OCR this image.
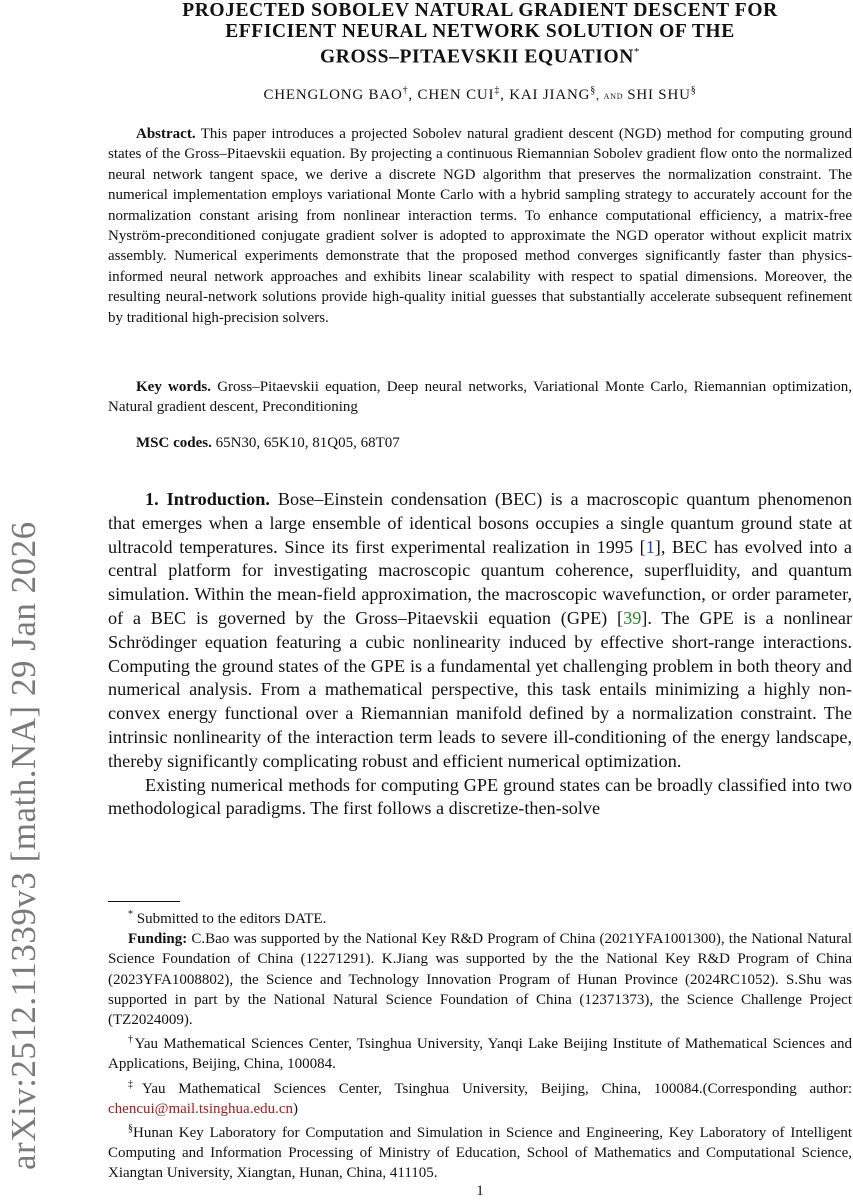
arXiv:2512.11339v3 [math.NA] 29 Jan 2026
PROJECTED SOBOLEV NATURAL GRADIENT DESCENT FOR
EFFICIENT NEURAL NETWORK SOLUTION OF THE
GROSS–PITAEVSKII EQUATION*
CHENGLONG BAO†, CHEN CUI‡, KAI JIANG§, and SHI SHU§
Abstract. This paper introduces a projected Sobolev natural gradient descent (NGD) method for computing ground states of the Gross–Pitaevskii equation. By projecting a continuous Riemannian Sobolev gradient flow onto the normalized neural network tangent space, we derive a discrete NGD algorithm that preserves the normalization constraint. The numerical implementation employs variational Monte Carlo with a hybrid sampling strategy to accurately account for the normalization constant arising from nonlinear interaction terms. To enhance computational efficiency, a matrix-free Nyström-preconditioned conjugate gradient solver is adopted to approximate the NGD operator without explicit matrix assembly. Numerical experiments demonstrate that the proposed method converges significantly faster than physics-informed neural network approaches and exhibits linear scalability with respect to spatial dimensions. Moreover, the resulting neural-network solutions provide high-quality initial guesses that substantially accelerate subsequent refinement by traditional high-precision solvers.
Key words. Gross–Pitaevskii equation, Deep neural networks, Variational Monte Carlo, Riemannian optimization, Natural gradient descent, Preconditioning
MSC codes. 65N30, 65K10, 81Q05, 68T07

1. Introduction. Bose–Einstein condensation (BEC) is a macroscopic quantum phenomenon that emerges when a large ensemble of identical bosons occupies a single quantum ground state at ultracold temperatures. Since its first experimental realization in 1995 [1], BEC has evolved into a central platform for investigating macroscopic quantum coherence, superfluidity, and quantum simulation. Within the mean-field approximation, the macroscopic wavefunction, or order parameter, of a BEC is governed by the Gross–Pitaevskii equation (GPE) [39]. The GPE is a nonlinear Schrödinger equation featuring a cubic nonlinearity induced by effective short-range interactions. Computing the ground states of the GPE is a fundamental yet challenging problem in both theory and numerical analysis. From a mathematical perspective, this task entails minimizing a highly non-convex energy functional over a Riemannian manifold defined by a normalization constraint. The intrinsic nonlinearity of the interaction term leads to severe ill-conditioning of the energy landscape, thereby significantly complicating robust and efficient numerical optimization.

Existing numerical methods for computing GPE ground states can be broadly classified into two methodological paradigms. The first follows a discretize-then-solve

* Submitted to the editors DATE.

Funding: C.Bao was supported by the National Key R&D Program of China (2021YFA1001300), the National Natural Science Foundation of China (12271291). K.Jiang was supported by the the National Key R&D Program of China (2023YFA1008802), the Science and Technology Innovation Program of Hunan Province (2024RC1052). S.Shu was supported in part by the National Natural Science Foundation of China (12371373), the Science Challenge Project (TZ2024009).

†Yau Mathematical Sciences Center, Tsinghua University, Yanqi Lake Beijing Institute of Mathematical Sciences and Applications, Beijing, China, 100084.

‡Yau Mathematical Sciences Center, Tsinghua University, Beijing, China, 100084.(Corresponding author: chencui@mail.tsinghua.edu.cn)

§Hunan Key Laboratory for Computation and Simulation in Science and Engineering, Key Laboratory of Intelligent Computing and Information Processing of Ministry of Education, School of Mathematics and Computational Science, Xiangtan University, Xiangtan, Hunan, China, 411105.

1
